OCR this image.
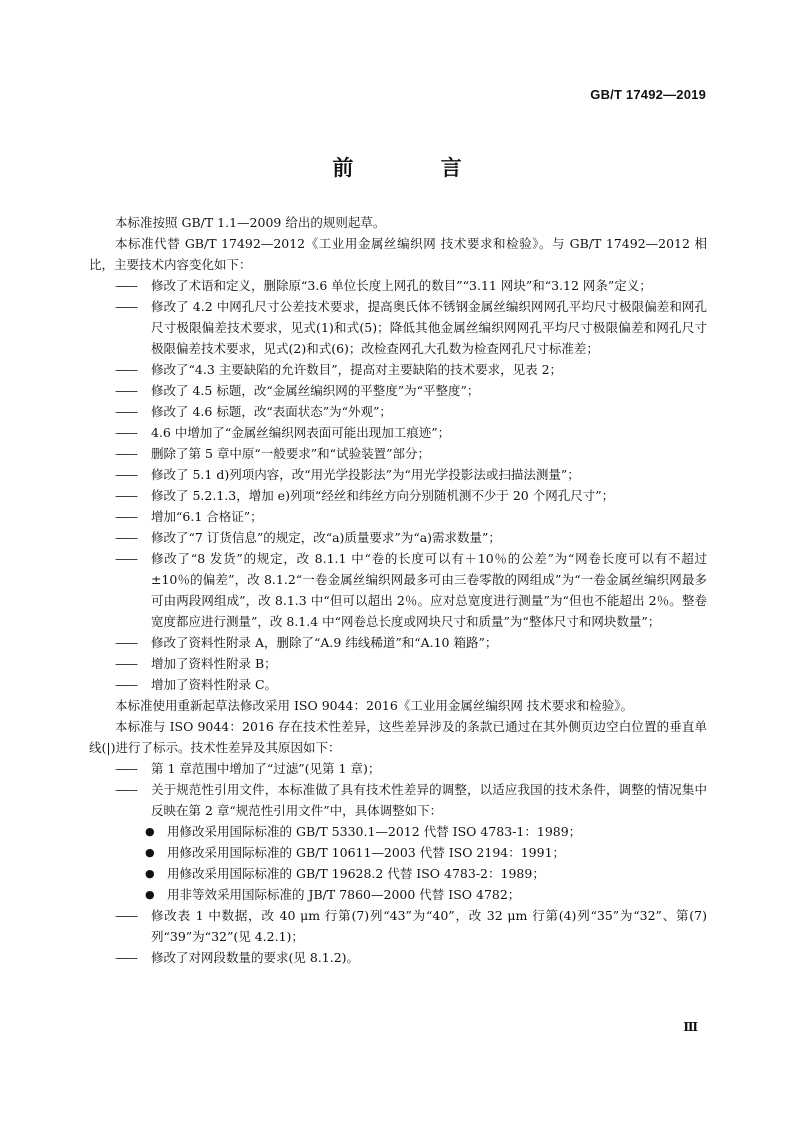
GB/T 17492—2019
前 言

本标准按照 GB/T 1.1—2009 给出的规则起草。

本标准代替 GB/T 17492—2012《工业用金属丝编织网 技术要求和检验》。与 GB/T 17492—2012 相比，主要技术内容变化如下：

——	修改了术语和定义，删除原“3.6 单位长度上网孔的数目”“3.11 网块”和“3.12 网条”定义；
——	修改了 4.2 中网孔尺寸公差技术要求，提高奥氏体不锈钢金属丝编织网网孔平均尺寸极限偏差和网孔尺寸极限偏差技术要求，见式(1)和式(5)；降低其他金属丝编织网网孔平均尺寸极限偏差和网孔尺寸极限偏差技术要求，见式(2)和式(6)；改检查网孔大孔数为检查网孔尺寸标准差；
——	修改了“4.3 主要缺陷的允许数目”，提高对主要缺陷的技术要求，见表 2；
——	修改了 4.5 标题，改“金属丝编织网的平整度”为“平整度”；
——	修改了 4.6 标题，改“表面状态”为“外观”；
——	4.6 中增加了“金属丝编织网表面可能出现加工痕迹”；
——	删除了第 5 章中原“一般要求”和“试验装置”部分；
——	修改了 5.1 d)列项内容，改“用光学投影法”为“用光学投影法或扫描法测量”；
——	修改了 5.2.1.3，增加 e)列项“经丝和纬丝方向分别随机测不少于 20 个网孔尺寸”；
——	增加“6.1 合格证”；
——	修改了“7 订货信息”的规定，改“a)质量要求”为“a)需求数量”；
——	修改了“8 发货”的规定，改 8.1.1 中“卷的长度可以有＋10％的公差”为“网卷长度可以有不超过±10％的偏差”，改 8.1.2“一卷金属丝编织网最多可由三卷零散的网组成”为“一卷金属丝编织网最多可由两段网组成”，改 8.1.3 中“但可以超出 2％。应对总宽度进行测量”为“但也不能超出 2％。整卷宽度都应进行测量”，改 8.1.4 中“网卷总长度或网块尺寸和质量”为“整体尺寸和网块数量”；
——	修改了资料性附录 A，删除了“A.9 纬线稀道”和“A.10 箱路”；
——	增加了资料性附录 B；
——	增加了资料性附录 C。

本标准使用重新起草法修改采用 ISO 9044：2016《工业用金属丝编织网 技术要求和检验》。

本标准与 ISO 9044：2016 存在技术性差异，这些差异涉及的条款已通过在其外侧页边空白位置的垂直单线(|)进行了标示。技术性差异及其原因如下：

——	第 1 章范围中增加了“过滤”(见第 1 章)；
——	关于规范性引用文件，本标准做了具有技术性差异的调整，以适应我国的技术条件，调整的情况集中反映在第 2 章“规范性引用文件”中，具体调整如下：
● 用修改采用国际标准的 GB/T 5330.1—2012 代替 ISO 4783-1：1989；
● 用修改采用国际标准的 GB/T 10611—2003 代替 ISO 2194：1991；
● 用修改采用国际标准的 GB/T 19628.2 代替 ISO 4783-2：1989；
● 用非等效采用国际标准的 JB/T 7860—2000 代替 ISO 4782；
——	修改表 1 中数据，改 40 μm 行第(7)列“43”为“40”，改 32 μm 行第(4)列“35”为“32”、第(7)列“39”为“32”(见 4.2.1)；
——	修改了对网段数量的要求(见 8.1.2)。
Ⅲ
